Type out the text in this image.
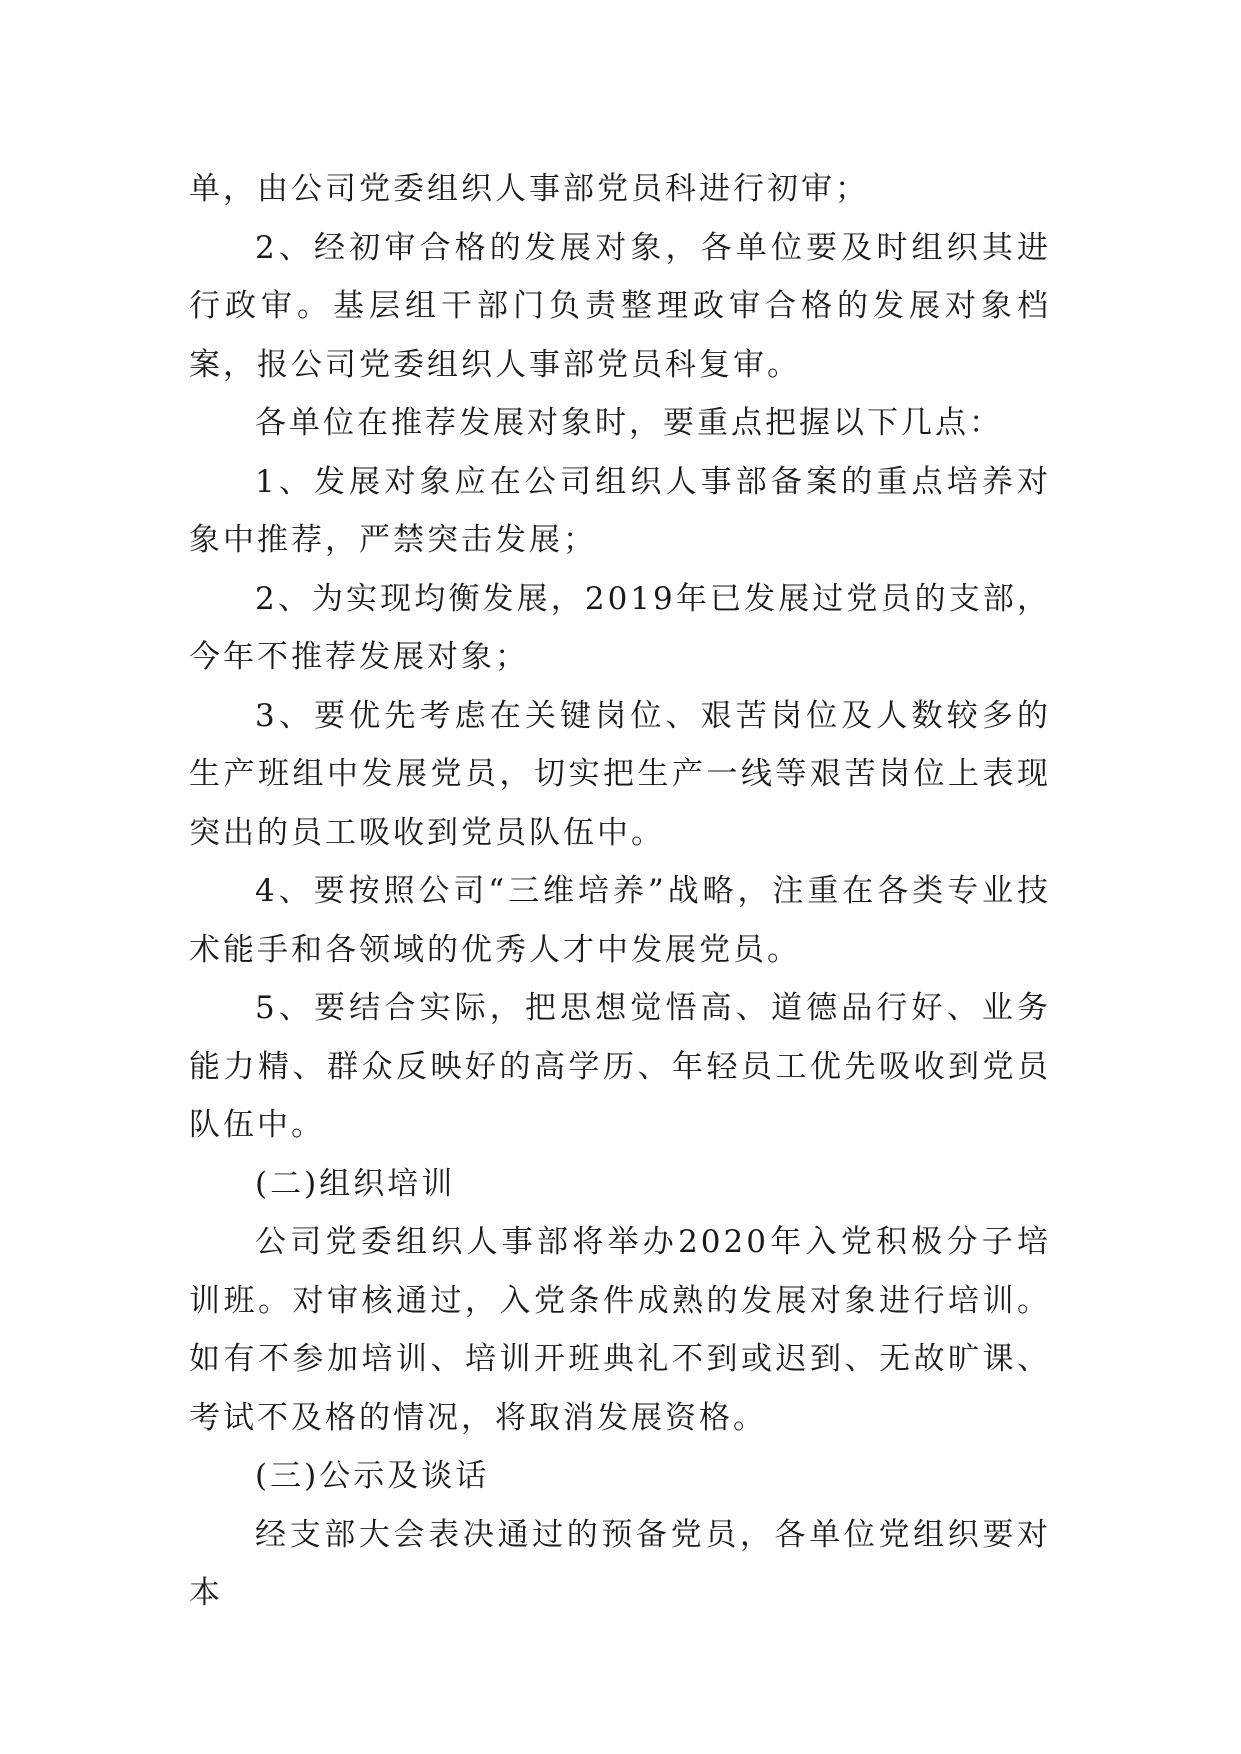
单，由公司党委组织人事部党员科进行初审；

2、经初审合格的发展对象，各单位要及时组织其进行政审。基层组干部门负责整理政审合格的发展对象档案，报公司党委组织人事部党员科复审。

各单位在推荐发展对象时，要重点把握以下几点：

1、发展对象应在公司组织人事部备案的重点培养对象中推荐，严禁突击发展；

2、为实现均衡发展，2019年已发展过党员的支部，今年不推荐发展对象；

3、要优先考虑在关键岗位、艰苦岗位及人数较多的生产班组中发展党员，切实把生产一线等艰苦岗位上表现突出的员工吸收到党员队伍中。

4、要按照公司“三维培养”战略，注重在各类专业技术能手和各领域的优秀人才中发展党员。

5、要结合实际，把思想觉悟高、道德品行好、业务能力精、群众反映好的高学历、年轻员工优先吸收到党员队伍中。

(二)组织培训

公司党委组织人事部将举办2020年入党积极分子培训班。对审核通过，入党条件成熟的发展对象进行培训。如有不参加培训、培训开班典礼不到或迟到、无故旷课、考试不及格的情况，将取消发展资格。

(三)公示及谈话

经支部大会表决通过的预备党员，各单位党组织要对本
